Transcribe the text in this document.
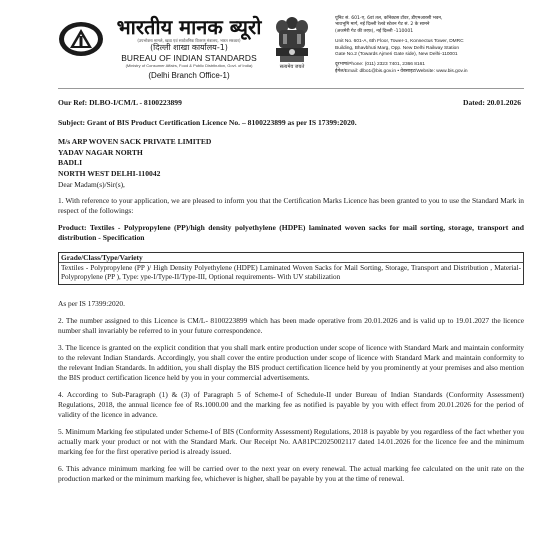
भारतीय मानक ब्यूरो
(उपभोक्ता मामले, खाद्य एवं सार्वजनिक वितरण मंत्रालय, भारत सरकार)
(दिल्ली शाखा कार्यालय-1)
BUREAU OF INDIAN STANDARDS
(Ministry of Consumer Affairs, Food & Public Distribution, Govt. of India)
(Delhi Branch Office-1)
सत्यमेव जयते
यूनिट सं. 601-ए, 6वां तल, कॉनेक्टस टॉवर, डीएमआरसी भवन,
भावभूमि मार्ग, नई दिल्ली रेलवे स्टेशन गेट सं. 2 के सामने
(अजमेरी गेट की तरफ़), नई दिल्ली -110001
Unit No. 601-A, 6th Floor, Tower-1, Konnectus Tower, DMRC
Building, Bhavbhuti Marg, Opp. New Delhi Railway Station
Gate No.2 (Towards Ajmeri Gate side), New Delhi-110001
दूरभाष/Phone: (011) 2323 7401, 2366 8161
ईमेल/Email: dlbo1@bis.gov.in • वेबसाइट/Website: www.bis.gov.in
Our Ref: DLBO-I/CM/L - 8100223899	Dated: 20.01.2026
Subject: Grant of BIS Product Certification Licence No. – 8100223899 as per IS 17399:2020.
M/s ARP WOVEN SACK PRIVATE LIMITED
YADAV NAGAR NORTH
BADLI
NORTH WEST DELHI-110042

Dear Madam(s)/Sir(s),

1. With reference to your application, we are pleased to inform you that the Certification Marks Licence has been granted to you to use the Standard Mark in respect of the followings:

Product: Textiles - Polypropylene (PP)/high density polyethylene (HDPE) laminated woven sacks for mail sorting, storage, transport and distribution - Specification

Grade/Class/Type/Variety
Textiles - Polypropylene (PP )/ High Density Polyethylene (HDPE) Laminated Woven Sacks for Mail Sorting, Storage, Transport and Distribution , Material- Polypropylene (PP ), Type: ype-I/Type-II/Type-III, Optional requirements- With UV stabilization

As per IS 17399:2020.

2. The number assigned to this Licence is CM/L- 8100223899 which has been made operative from 20.01.2026 and is valid up to 19.01.2027 the licence number shall invariably be referred to in your future correspondence.

3. The licence is granted on the explicit condition that you shall mark entire production under scope of licence with Standard Mark and maintain conformity to the relevant Indian Standards. Accordingly, you shall cover the entire production under scope of licence with Standard Mark and maintain conformity to the relevant Indian Standards. In addition, you shall display the BIS product certification licence held by you prominently at your premises and also mention the BIS product certification licence held by you in your commercial advertisements.

4. According to Sub-Paragraph (1) & (3) of Paragraph 5 of Scheme-I of Schedule-II under Bureau of Indian Standards (Conformity Assessment) Regulations, 2018, the annual licence fee of Rs.1000.00 and the marking fee as notified is payable by you with effect from 20.01.2026 for the period of validity of the licence in advance.

5. Minimum Marking fee stipulated under Scheme-I of BIS (Conformity Assessment) Regulations, 2018 is payable by you regardless of the fact whether you actually mark your product or not with the Standard Mark. Our Receipt No. AA81PC2025002117 dated 14.01.2026 for the licence fee and the minimum marking fee for the first operative period is already issued.

6. This advance minimum marking fee will be carried over to the next year on every renewal. The actual marking fee calculated on the unit rate on the production marked or the minimum marking fee, whichever is higher, shall be payable by you at the time of renewal.
